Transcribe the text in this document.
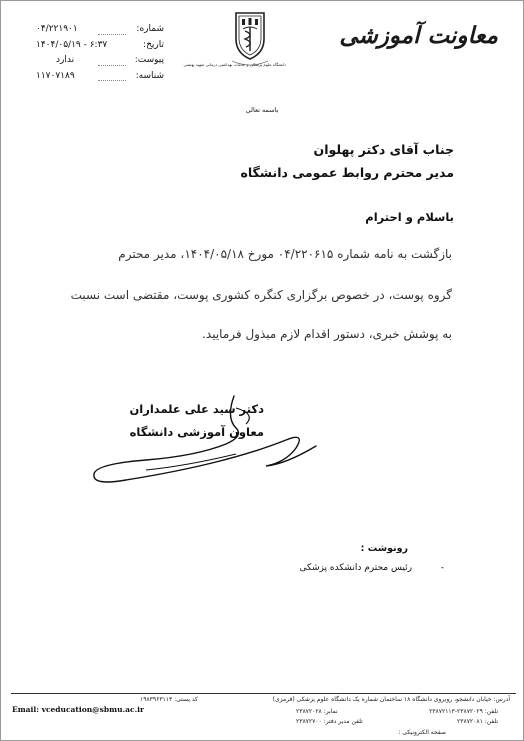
معاونت آموزشی
دانشگاه علوم پزشکی و خدمات بهداشتی درمانی شهید بهشتی
شماره:
۰۴/۲۲۱۹۰۱
تاریخ:
۱۴۰۴/۰۵/۱۹ - ۶:۳۷
پیوست:
ندارد
شناسه:
۱۱۷۰۷۱۸۹
باسمه تعالی
جناب آقای دکتر پهلوان
مدیر محترم روابط عمومی دانشگاه
باسلام و احترام
بازگشت به نامه شماره ۰۴/۲۲۰۶۱۵ مورخ ۱۴۰۴/۰۵/۱۸، مدیر محترم
گروه پوست، در خصوص برگزاری کنگره کشوری پوست، مقتضی است نسبت
به پوشش خبری، دستور اقدام لازم مبذول فرمایید.
دکتر سید علی علمداران
معاون آموزشی دانشگاه
رونوشت :
-
رئیس محترم دانشکده پزشکی
آدرس: خیابان دانشجو، روبروی دانشگاه ۱۸ ساختمان شماره یک دانشگاه علوم پزشکی (قرمزی)
کد پستی: ۱۹۸۳۹۶۳۱۱۳
تلفن: ۲۳۸۷۲۰۲۹-۲۳۸۷۲۱۱۳
نمابر: ۲۳۸۷۲۰۲۸
تلفن: ۲۳۸۷۲۰۸۱
تلفن مدیر دفتر: ۲۳۸۷۲۷۰۰
صفحه الکترونیکی :
Email: vceducation@sbmu.ac.ir
